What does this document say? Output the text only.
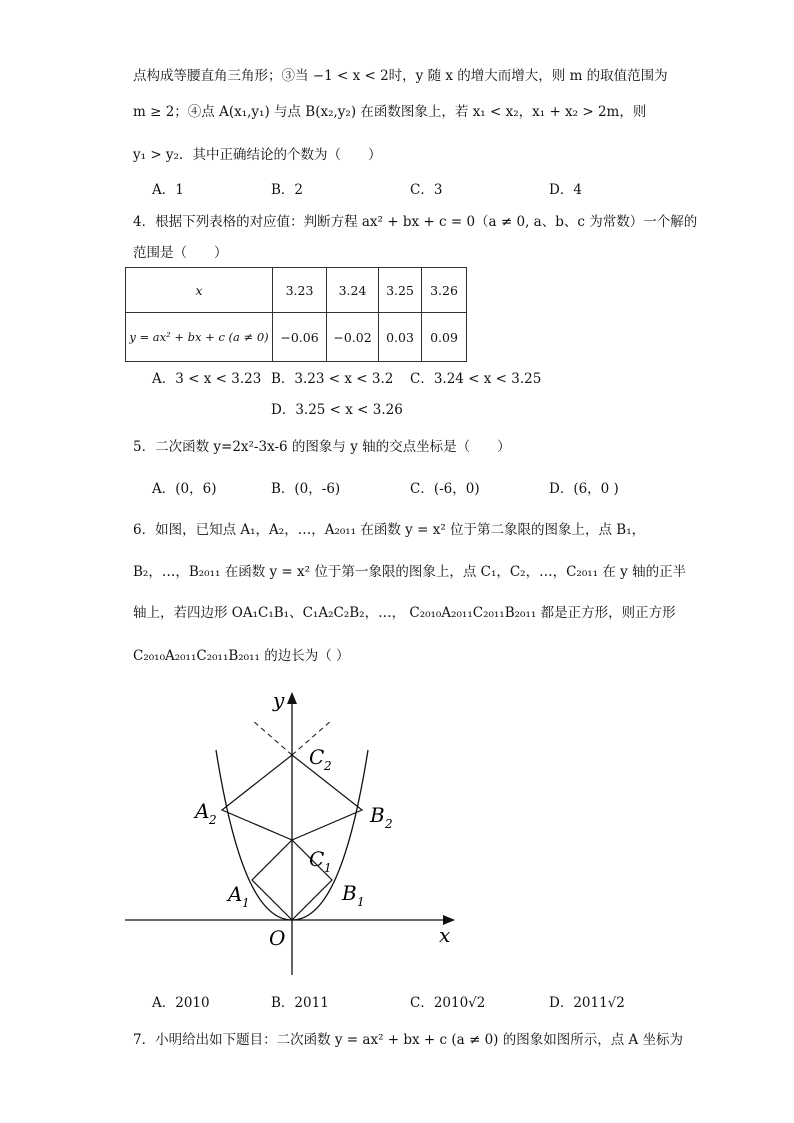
点构成等腰直角三角形；③当 −1 < x < 2时，y 随 x 的增大而增大，则 m 的取值范围为
m ≥ 2；④点 A(x₁,y₁) 与点 B(x₂,y₂) 在函数图象上，若 x₁ < x₂，x₁ + x₂ > 2m，则
y₁ > y₂．其中正确结论的个数为（　　）
A．1	B．2	C．3	D．4
4．根据下列表格的对应值：判断方程 ax² + bx + c = 0（a ≠ 0, a、b、c 为常数）一个解的
范围是（　　）
x	3.23	3.24	3.25	3.26
y = ax² + bx + c (a ≠ 0)	−0.06	−0.02	0.03	0.09
A．3 < x < 3.23 B．3.23 < x < 3.2 C．3.24 < x < 3.25
D．3.25 < x < 3.26
5．二次函数 y=2x²-3x-6 的图象与 y 轴的交点坐标是（　　）
A．(0，6)	B．(0，-6)	C．(-6，0)	D．(6，0 )
6．如图，已知点 A₁，A₂，…，A₂₀₁₁ 在函数 y = x² 位于第二象限的图象上，点 B₁，
B₂，…，B₂₀₁₁ 在函数 y = x² 位于第一象限的图象上，点 C₁，C₂，…，C₂₀₁₁ 在 y 轴的正半
轴上，若四边形 OA₁C₁B₁、C₁A₂C₂B₂，…， C₂₀₁₀A₂₀₁₁C₂₀₁₁B₂₀₁₁ 都是正方形，则正方形
C₂₀₁₀A₂₀₁₁C₂₀₁₁B₂₀₁₁ 的边长为（ ）
y
x
O
C 2
A 2	B 2
C 1
A 1	B 1
A．2010	B．2011	C．2010√2	D．2011√2
7．小明给出如下题目：二次函数 y = ax² + bx + c (a ≠ 0) 的图象如图所示，点 A 坐标为
